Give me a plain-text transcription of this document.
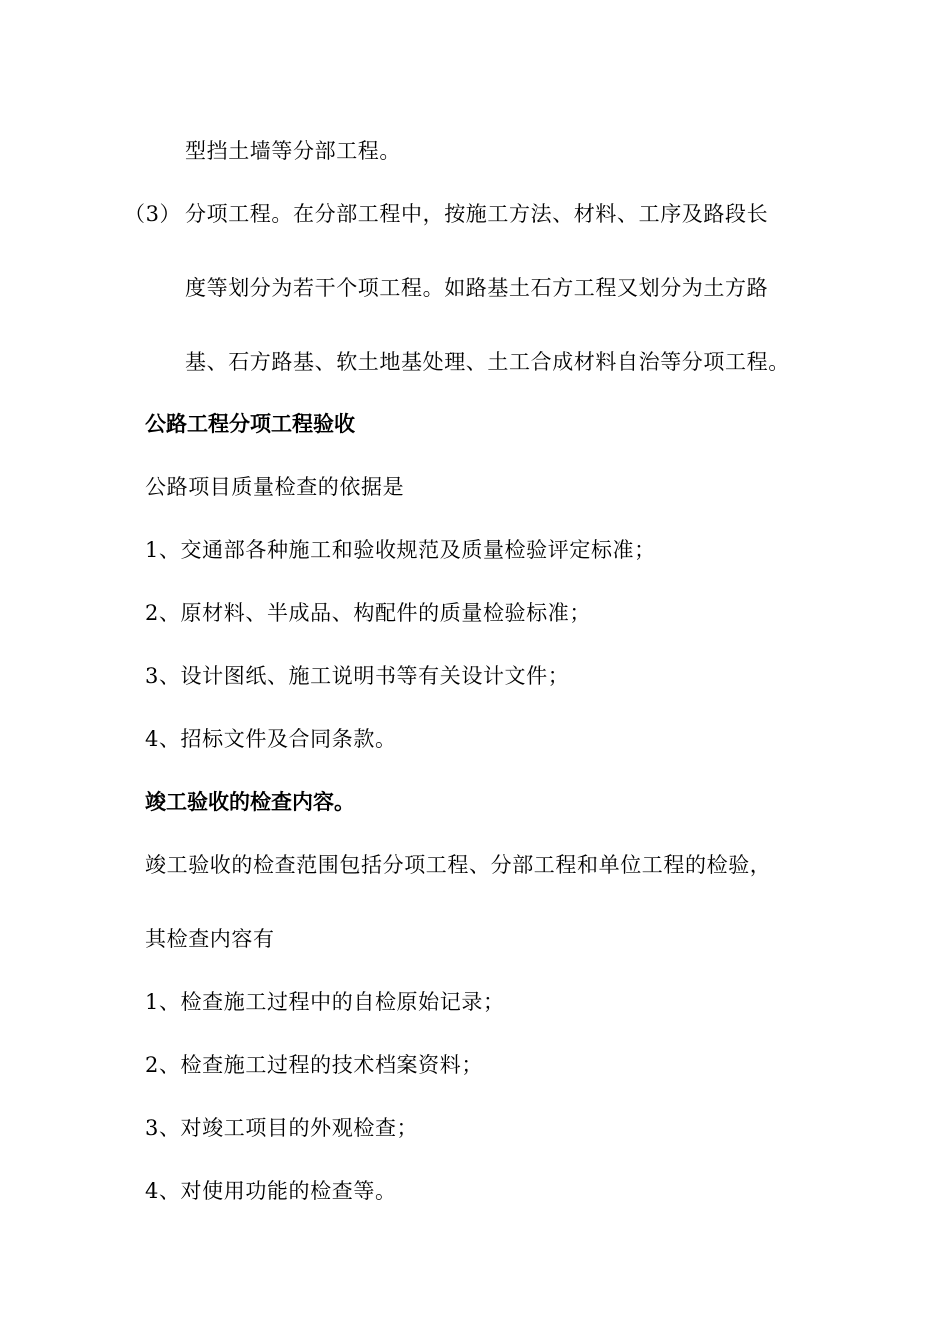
型挡土墙等分部工程。
（3） 分项工程。在分部工程中，按施工方法、材料、工序及路段长
度等划分为若干个项工程。如路基土石方工程又划分为土方路
基、石方路基、软土地基处理、土工合成材料自治等分项工程。
公路工程分项工程验收
公路项目质量检查的依据是
1、交通部各种施工和验收规范及质量检验评定标准；
2、原材料、半成品、构配件的质量检验标准；
3、设计图纸、施工说明书等有关设计文件；
4、招标文件及合同条款。
竣工验收的检查内容。
竣工验收的检查范围包括分项工程、分部工程和单位工程的检验，
其检查内容有
1、检查施工过程中的自检原始记录；
2、检查施工过程的技术档案资料；
3、对竣工项目的外观检查；
4、对使用功能的检查等。
